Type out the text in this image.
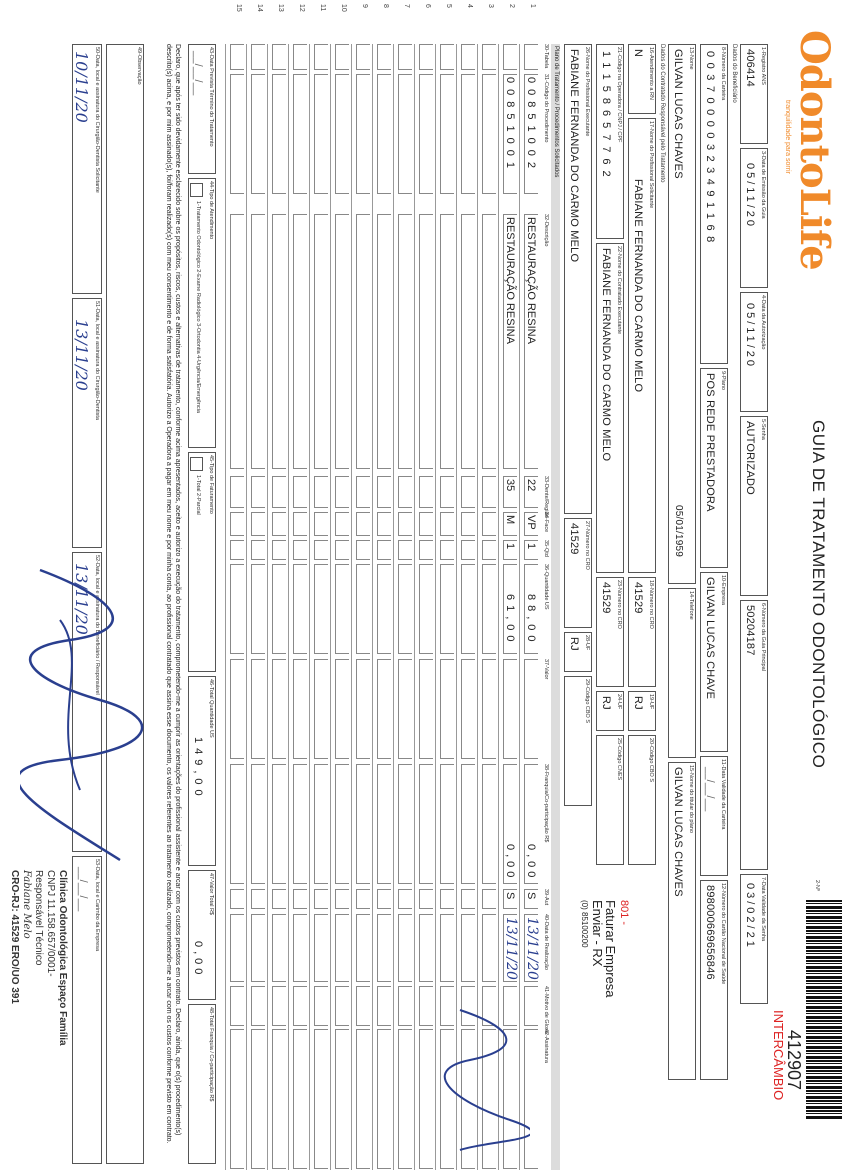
OdontoLife
tranquilidade para sorrir
GUIA DE TRATAMENTO ODONTOLÓGICO
2-Nº
412907
INTERCÂMBIO
1-Registro ANS
406414
3-Data de Emissão da Guia
05/11/20
4-Data da Autorização
05/11/20
5-Senha
AUTORIZADO
6-Número da Guia Principal
50204187
7-Data Validade da Senha
03/02/21
Dados do Beneficiário
8-Número da Carteira
00370000323491168
9-Plano
POS REDE PRESTADORA
10-Empresa
GILVAN LUCAS CHAVE
11-Data Validade da Carteira
__/__/__
12-Número do Cartão Nacional de Saúde
898000669656846
13-Nome
GILVAN LUCAS CHAVES
05/01/1959
14-Telefone
15-Nome do titular do plano
GILVAN LUCAS CHAVES
Dados do Contratado Responsável pelo Tratamento
16-Atendimento a RN
N
17-Nome do Profissional Solicitante
FABIANE FERNANDA DO CARMO MELO
18-Número no CRO
41529
19-UF
RJ
20-Código CBO S
21-Código na Operadora / CNPJ / CPF
11158657762
22-Nome do Contratado Executante
FABIANE FERNANDA DO CARMO MELO
23-Número no CRO
41529
24-UF
RJ
25-Código CNES
26-Nome do Profissional Executante
FABIANE FERNANDA DO CARMO MELO
27-Número no CRO
41529
28-UF
RJ
29-Código CBO S
801 -
Faturar Empresa
Enviar - RX
(0) 85100200
Plano de Tratamento / Procedimentos Solicitados
30-Tabela
31-Código do Procedimento
32-Descrição
33-Dente/Região
34-Face
35-Qtd
36-Quantidade US
37-Valor
38-Franquia/Co-participação R$
39-Aut
40-Data de Realização
41-Motivo de Glosa
42-Assinatura
1
00851002
RESTAURAÇÃO RESINA
22
VP
1
88,00
0,00
S
13/11/20
2
00851001
RESTAURAÇÃO RESINA
35
M
1
61,00
0,00
S
13/11/20
3
4
5
6
7
8
9
10
11
12
13
14
15
43-Data Prevista Término do Tratamento
__/__/__
44-Tipo de Atendimento
1-Tratamento Odontológico 2-Exame Radiológico 3-Ortodontia 4-Urgência/Emergência
45-Tipo de Faturamento
1-Total 2-Parcial
46-Total Quantidade US
149,00
47-Valor Total R$
0,00
48-Total Franquia / Co-participação R$
Declaro, que após ter sido devidamente esclarecido sobre os propósitos, riscos, custos e alternativas de tratamento, conforme acima apresentados, aceito e autorizo a execução do tratamento, comprometendo-me a cumprir as orientações do profissional assistente e arcar com os custos previstos em contrato. Declaro, ainda, que o(s) procedimento(s) descrito(s) acima, e por mim assinado(s), foi/foram realizado(s) com meu consentimento e de forma satisfatória. Autorizo a Operadora a pagar em meu nome e por minha conta, ao profissional contratado que assina esse documento, os valores referentes ao tratamento realizado, comprometendo-me a arcar com os custos conforme previsto em contrato.
49-Observação
50-Data, local e assinatura do Cirurgião-Dentista Solicitante
10/11/20
51-Data, local e assinatura do Cirurgião-Dentista
13/11/20
52-Data, local e assinatura do Beneficiário / Responsável
13/11/20
53-Data, local e Carimbo da Empresa
__/__/__
Clínica Odontológica Espaço Família
CNPJ 11.158.657/0001-
Responsável Técnico
Fabiane Melo
CRO-RJ: 41529 ERO/UO 391
